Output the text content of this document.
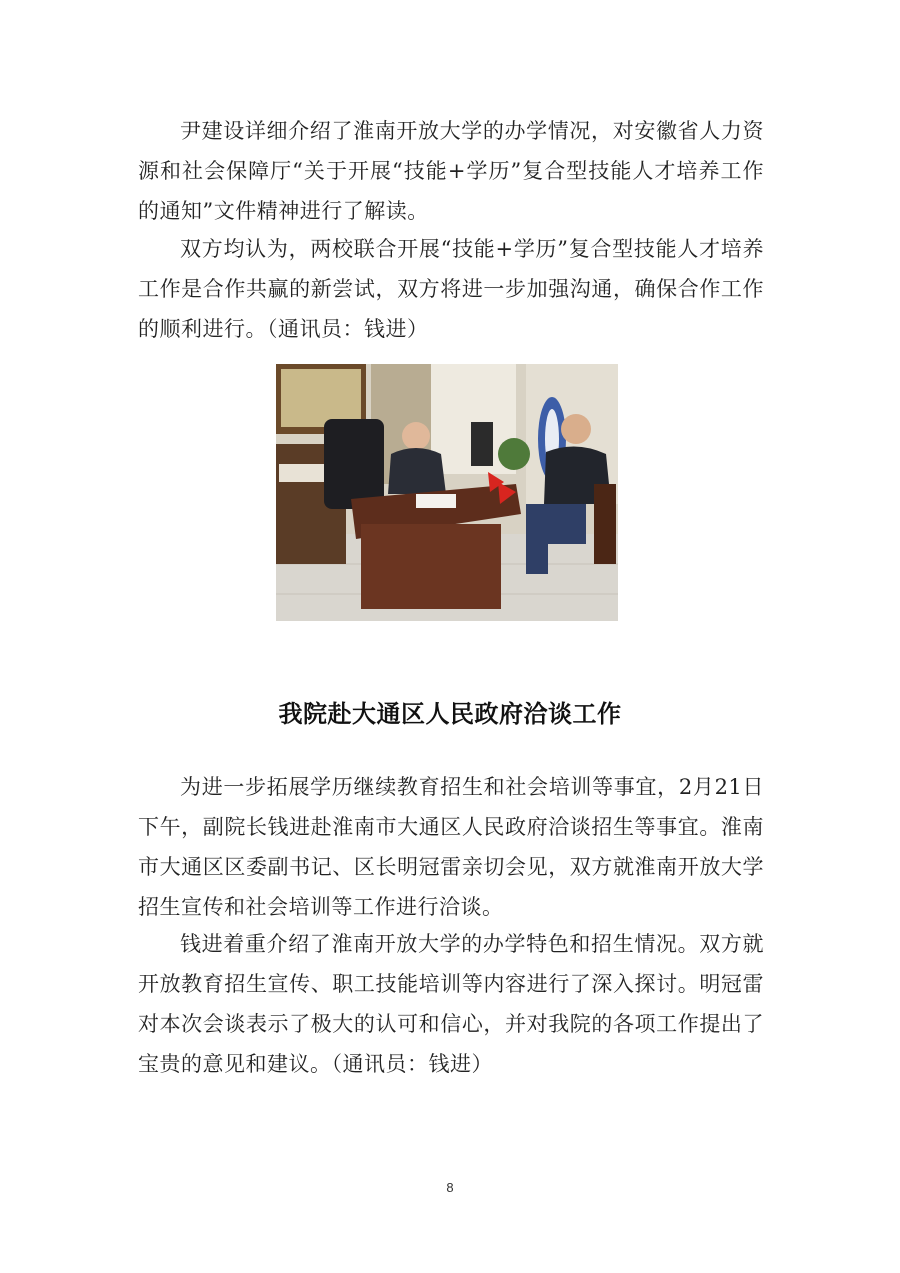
尹建设详细介绍了淮南开放大学的办学情况，对安徽省人力资源和社会保障厅“关于开展“技能+学历”复合型技能人才培养工作的通知”文件精神进行了解读。

双方均认为，两校联合开展“技能+学历”复合型技能人才培养工作是合作共赢的新尝试，双方将进一步加强沟通，确保合作工作的顺利进行。（通讯员：钱进）

我院赴大通区人民政府洽谈工作

为进一步拓展学历继续教育招生和社会培训等事宜，2月21日下午，副院长钱进赴淮南市大通区人民政府洽谈招生等事宜。淮南市大通区区委副书记、区长明冠雷亲切会见，双方就淮南开放大学招生宣传和社会培训等工作进行洽谈。

钱进着重介绍了淮南开放大学的办学特色和招生情况。双方就开放教育招生宣传、职工技能培训等内容进行了深入探讨。明冠雷对本次会谈表示了极大的认可和信心，并对我院的各项工作提出了宝贵的意见和建议。（通讯员：钱进）

8
